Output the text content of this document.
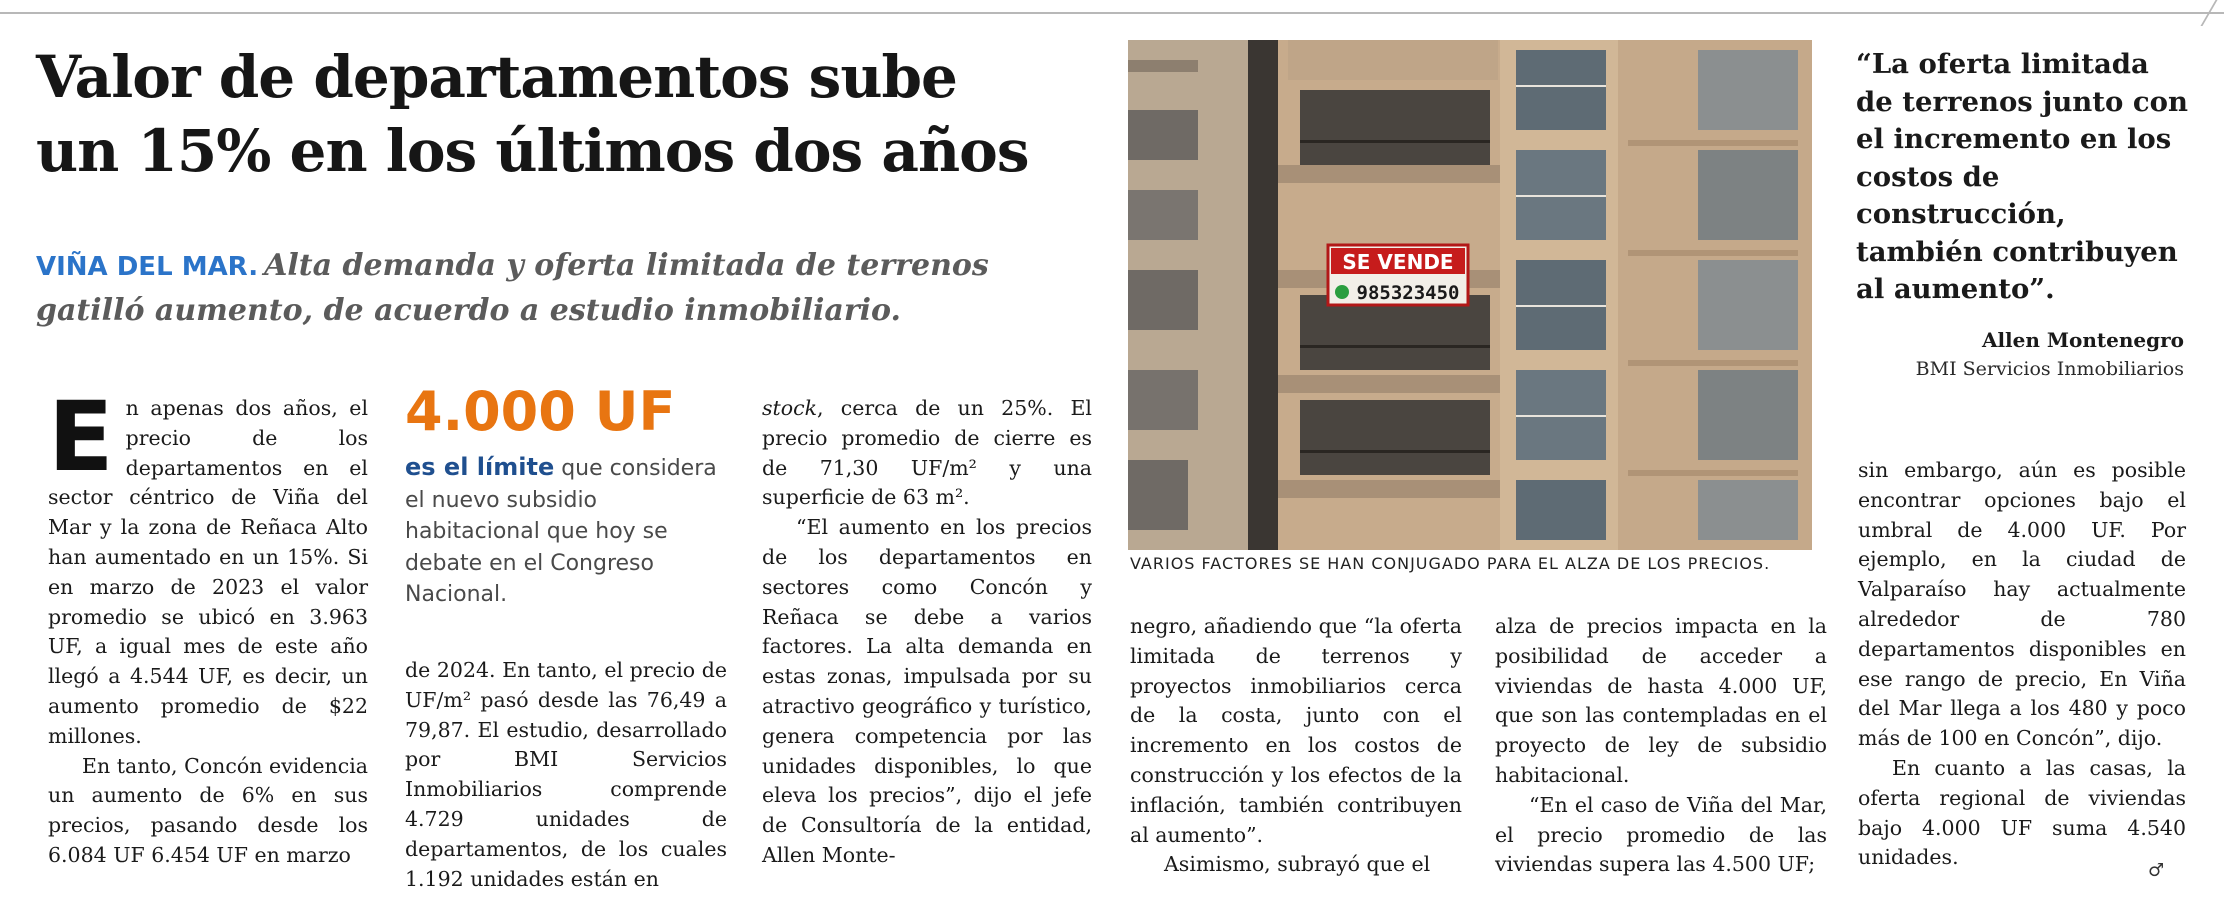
Valor de departamentos sube
un 15% en los últimos dos años
VIÑA DEL MAR. Alta demanda y oferta limitada de terrenos gatilló aumento, de acuerdo a estudio inmobiliario.

En apenas dos años, el precio de los departamentos en el sector céntrico de Viña del Mar y la zona de Reñaca Alto han aumentado en un 15%. Si en marzo de 2023 el valor promedio se ubicó en 3.963 UF, a igual mes de este año llegó a 4.544 UF, es decir, un aumento promedio de $22 millones.

En tanto, Concón evidencia un aumento de 6% en sus precios, pasando desde los 6.084 UF 6.454 UF en marzo

4.000 UF
es el límite que considera el nuevo subsidio habitacional que hoy se debate en el Congreso Nacional.

de 2024. En tanto, el precio de UF/m² pasó desde las 76,49 a 79,87. El estudio, desarrollado por BMI Servicios Inmobiliarios comprende 4.729 unidades de departamentos, de los cuales 1.192 unidades están en

stock, cerca de un 25%. El precio promedio de cierre es de 71,30 UF/m² y una superficie de 63 m².

“El aumento en los precios de los departamentos en sectores como Concón y Reñaca se debe a varios factores. La alta demanda en estas zonas, impulsada por su atractivo geográfico y turístico, genera competencia por las unidades disponibles, lo que eleva los precios”, dijo el jefe de Consultoría de la entidad, Allen Monte-

SE VENDE
985323450
VARIOS FACTORES SE HAN CONJUGADO PARA EL ALZA DE LOS PRECIOS.

negro, añadiendo que “la oferta limitada de terrenos y proyectos inmobiliarios cerca de la costa, junto con el incremento en los costos de construcción y los efectos de la inflación, también contribuyen al aumento”.

Asimismo, subrayó que el

alza de precios impacta en la posibilidad de acceder a viviendas de hasta 4.000 UF, que son las contempladas en el proyecto de ley de subsidio habitacional.

“En el caso de Viña del Mar, el precio promedio de las viviendas supera las 4.500 UF;

“La oferta limitada de terrenos junto con el incremento en los costos de construcción, también contribuyen al aumento”.
Allen Montenegro
BMI Servicios Inmobiliarios

sin embargo, aún es posible encontrar opciones bajo el umbral de 4.000 UF. Por ejemplo, en la ciudad de Valparaíso hay actualmente alrededor de 780 departamentos disponibles en ese rango de precio, En Viña del Mar llega a los 480 y poco más de 100 en Concón”, dijo.

En cuanto a las casas, la oferta regional de viviendas bajo 4.000 UF suma 4.540 unidades.

♂
